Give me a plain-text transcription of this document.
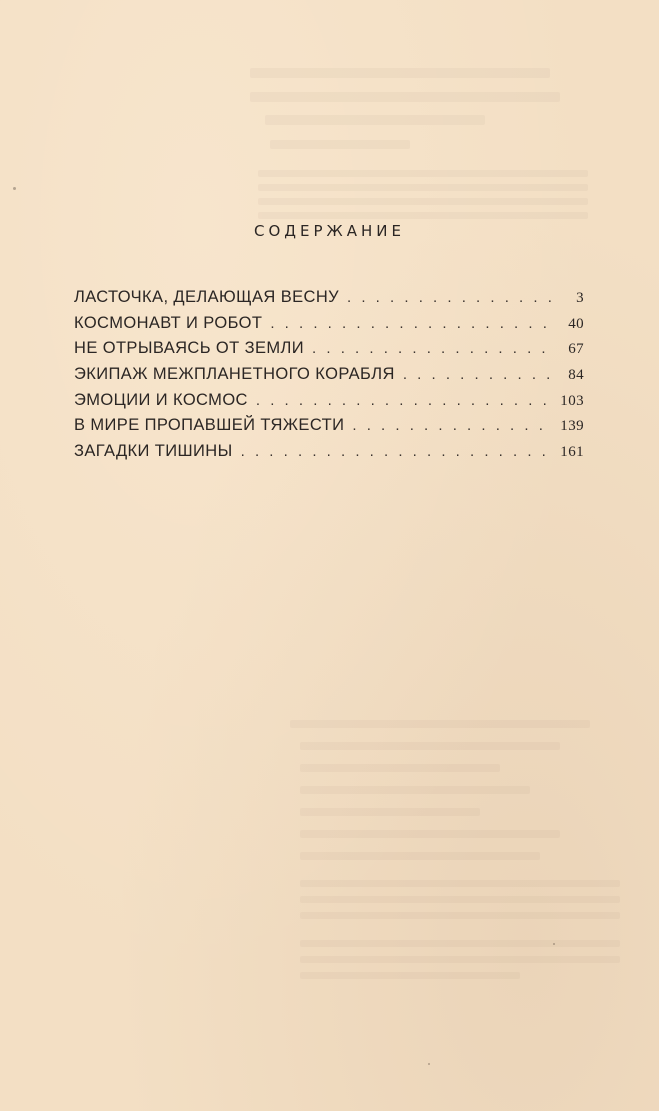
СОДЕРЖАНИЕ
ЛАСТОЧКА, ДЕЛАЮЩАЯ ВЕСНУ . . .	3
КОСМОНАВТ И РОБОТ . . .	40
НЕ ОТРЫВАЯСЬ ОТ ЗЕМЛИ . . .	67
ЭКИПАЖ МЕЖПЛАНЕТНОГО КОРАБЛЯ . . .	84
ЭМОЦИИ И КОСМОС . . .	103
В МИРЕ ПРОПАВШЕЙ ТЯЖЕСТИ . . .	139
ЗАГАДКИ ТИШИНЫ . . .	161
